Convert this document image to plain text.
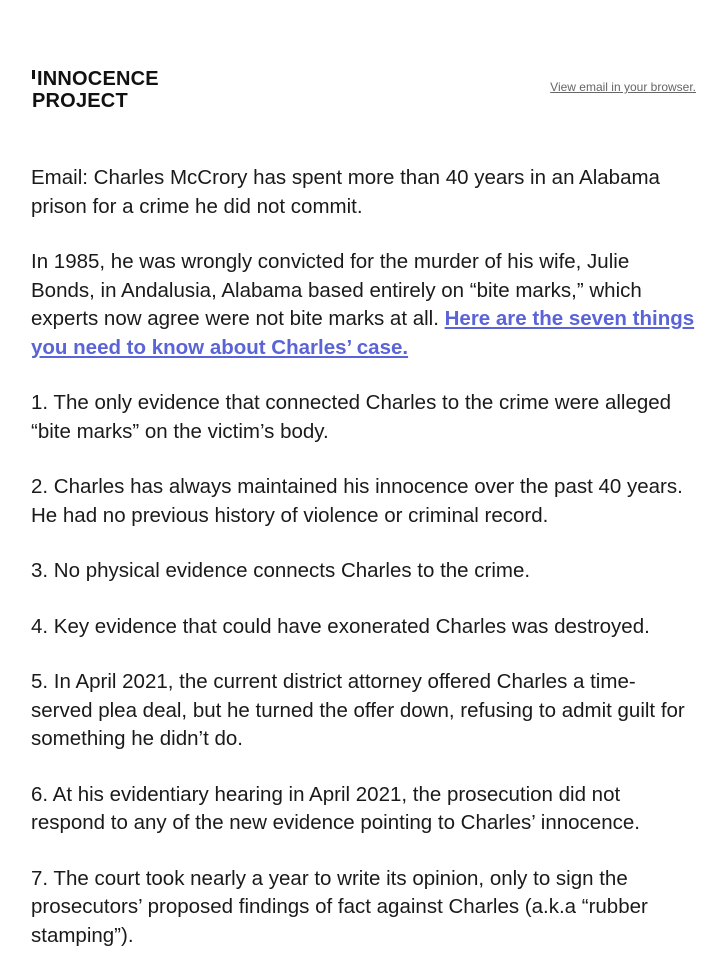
INNOCENCE
PROJECT
View email in your browser.

Email: Charles McCrory has spent more than 40 years in an Alabama prison for a crime he did not commit.

In 1985, he was wrongly convicted for the murder of his wife, Julie Bonds, in Andalusia, Alabama based entirely on “bite marks,” which experts now agree were not bite marks at all. Here are the seven things you need to know about Charles’ case.

1. The only evidence that connected Charles to the crime were alleged “bite marks” on the victim’s body.

2. Charles has always maintained his innocence over the past 40 years. He had no previous history of violence or criminal record.

3. No physical evidence connects Charles to the crime.

4. Key evidence that could have exonerated Charles was destroyed.

5. In April 2021, the current district attorney offered Charles a time-served plea deal, but he turned the offer down, refusing to admit guilt for something he didn’t do.

6. At his evidentiary hearing in April 2021, the prosecution did not respond to any of the new evidence pointing to Charles’ innocence.

7. The court took nearly a year to write its opinion, only to sign the prosecutors’ proposed findings of fact against Charles (a.k.a “rubber stamping”).
